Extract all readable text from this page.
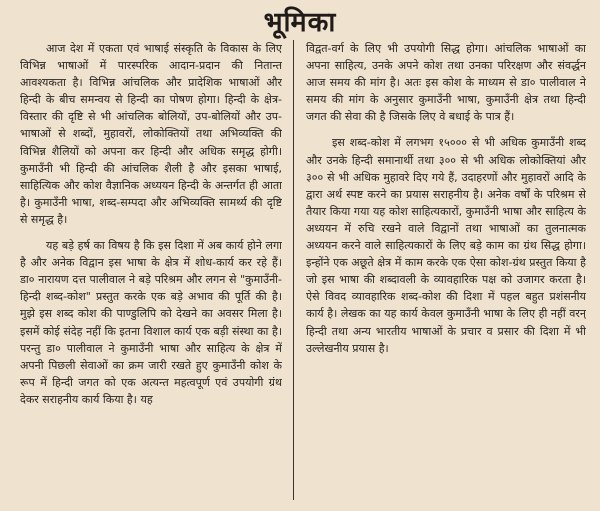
भूमिका

आज देश में एकता एवं भाषाई संस्कृति के विकास के लिए विभिन्न भाषाओं में पारस्परिक आदान-प्रदान की नितान्त आवश्यकता है। विभिन्न आंचलिक और प्रादेशिक भाषाओं और हिन्दी के बीच समन्वय से हिन्दी का पोषण होगा। हिन्दी के क्षेत्र-विस्तार की दृष्टि से भी आंचलिक बोलियों, उप-बोलियों और उप-भाषाओं से शब्दों, मुहावरों, लोकोक्तियों तथा अभिव्यक्ति की विभिन्न शैलियों को अपना कर हिन्दी और अधिक समृद्ध होगी। कुमाउँनी भी हिन्दी की आंचलिक शैली है और इसका भाषाई, साहित्यिक और कोश वैज्ञानिक अध्ययन हिन्दी के अन्तर्गत ही आता है। कुमाउँनी भाषा, शब्द-सम्पदा और अभिव्यक्ति सामर्थ्य की दृष्टि से समृद्ध है।

यह बड़े हर्ष का विषय है कि इस दिशा में अब कार्य होने लगा है और अनेक विद्वान इस भाषा के क्षेत्र में शोध-कार्य कर रहे हैं। डा० नारायण दत्त पालीवाल ने बड़े परिश्रम और लगन से "कुमाउँनी-हिन्दी शब्द-कोश" प्रस्तुत करके एक बड़े अभाव की पूर्ति की है। मुझे इस शब्द कोश की पाण्डुलिपि को देखने का अवसर मिला है। इसमें कोई संदेह नहीं कि इतना विशाल कार्य एक बड़ी संस्था का है। परन्तु डा० पालीवाल ने कुमाउँनी भाषा और साहित्य के क्षेत्र में अपनी पिछली सेवाओं का क्रम जारी रखते हुए कुमाउँनी कोश के रूप में हिन्दी जगत को एक अत्यन्त महत्वपूर्ण एवं उपयोगी ग्रंथ देकर सराहनीय कार्य किया है। यह

विद्वत-वर्ग के लिए भी उपयोगी सिद्ध होगा। आंचलिक भाषाओं का अपना साहित्य, उनके अपने कोश तथा उनका परिरक्षण और संवर्द्धन आज समय की मांग है। अतः इस कोश के माध्यम से डा० पालीवाल ने समय की मांग के अनुसार कुमाउँनी भाषा, कुमाउँनी क्षेत्र तथा हिन्दी जगत की सेवा की है जिसके लिए वे बधाई के पात्र हैं।

इस शब्द-कोश में लगभग १५००० से भी अधिक कुमाउँनी शब्द और उनके हिन्दी समानार्थी तथा ३०० से भी अधिक लोकोक्तियां और ३०० से भी अधिक मुहावरे दिए गये हैं, उदाहरणों और मुहावरों आदि के द्वारा अर्थ स्पष्ट करने का प्रयास सराहनीय है। अनेक वर्षों के परिश्रम से तैयार किया गया यह कोश साहित्यकारों, कुमाउँनी भाषा और साहित्य के अध्ययन में रुचि रखने वाले विद्वानों तथा भाषाओं का तुलनात्मक अध्ययन करने वाले साहित्यकारों के लिए बड़े काम का ग्रंथ सिद्ध होगा। इन्होंने एक अछूते क्षेत्र में काम करके एक ऐसा कोश-ग्रंथ प्रस्तुत किया है जो इस भाषा की शब्दावली के व्यावहारिक पक्ष को उजागर करता है। ऐसे विवद व्यावहारिक शब्द-कोश की दिशा में पहल बहुत प्रशंसनीय कार्य है। लेखक का यह कार्य केवल कुमाउँनी भाषा के लिए ही नहीं वरन् हिन्दी तथा अन्य भारतीय भाषाओं के प्रचार व प्रसार की दिशा में भी उल्लेखनीय प्रयास है।
